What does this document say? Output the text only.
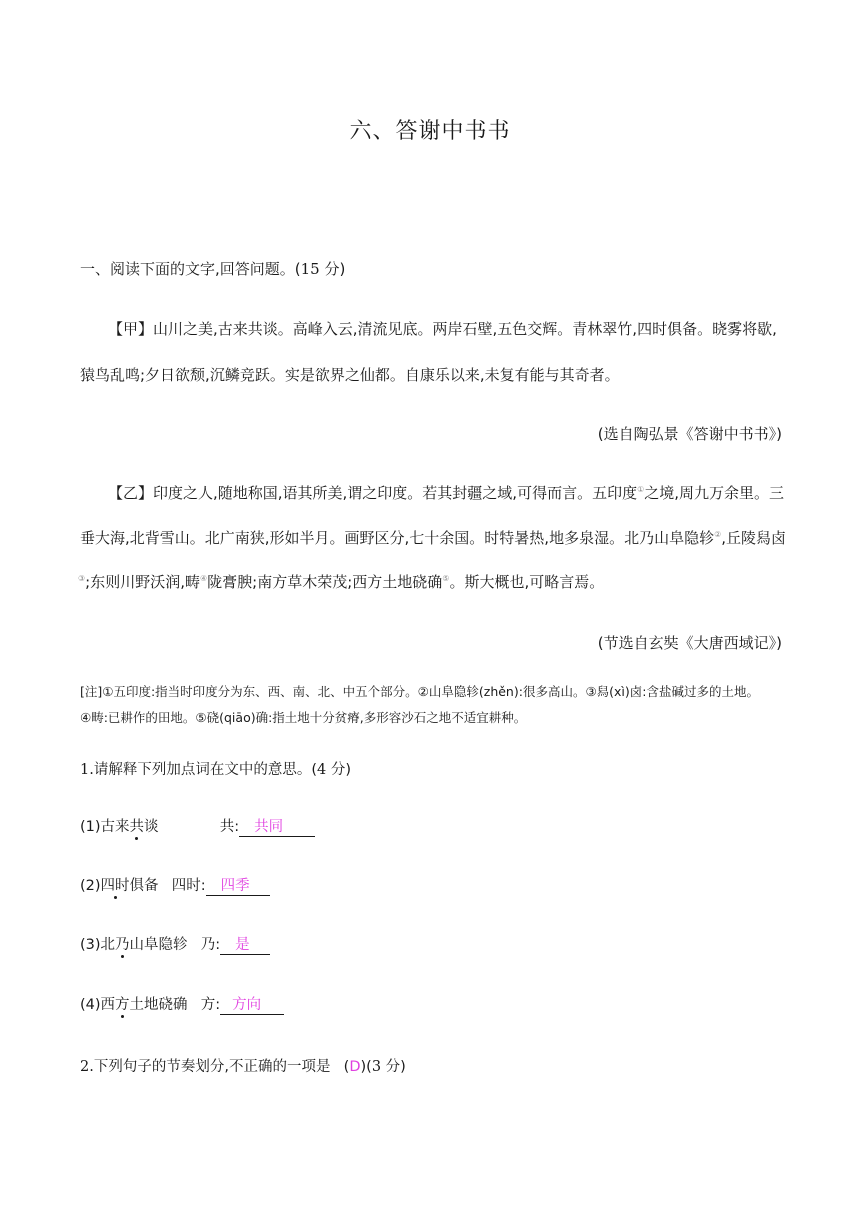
六、答谢中书书
一、阅读下面的文字,回答问题。(15 分)
【甲】山川之美,古来共谈。高峰入云,清流见底。两岸石壁,五色交辉。青林翠竹,四时俱备。晓雾将歇,
猿鸟乱鸣;夕日欲颓,沉鳞竞跃。实是欲界之仙都。自康乐以来,未复有能与其奇者。
(选自陶弘景《答谢中书书》)
【乙】印度之人,随地称国,语其所美,谓之印度。若其封疆之域,可得而言。五印度①之境,周九万余里。三
垂大海,北背雪山。北广南狭,形如半月。画野区分,七十余国。时特暑热,地多泉湿。北乃山阜隐轸②,丘陵舄卤
③;东则川野沃润,畴④陇膏腴;南方草木荣茂;西方土地硗确⑤。斯大概也,可略言焉。
(节选自玄奘《大唐西域记》)
[注]①五印度:指当时印度分为东、西、南、北、中五个部分。②山阜隐轸(zhěn):很多高山。③舄(xì)卤:含盐碱过多的土地。
④畴:已耕作的田地。⑤硗(qiāo)确:指土地十分贫瘠,多形容沙石之地不适宜耕种。
1.请解释下列加点词在文中的意思。(4 分)
(1)古来共谈	共: 共同
(2)四时俱备 四时: 四季
(3)北乃山阜隐轸 乃: 是
(4)西方土地硗确 方: 方向
2.下列句子的节奏划分,不正确的一项是 (D)(3 分)
